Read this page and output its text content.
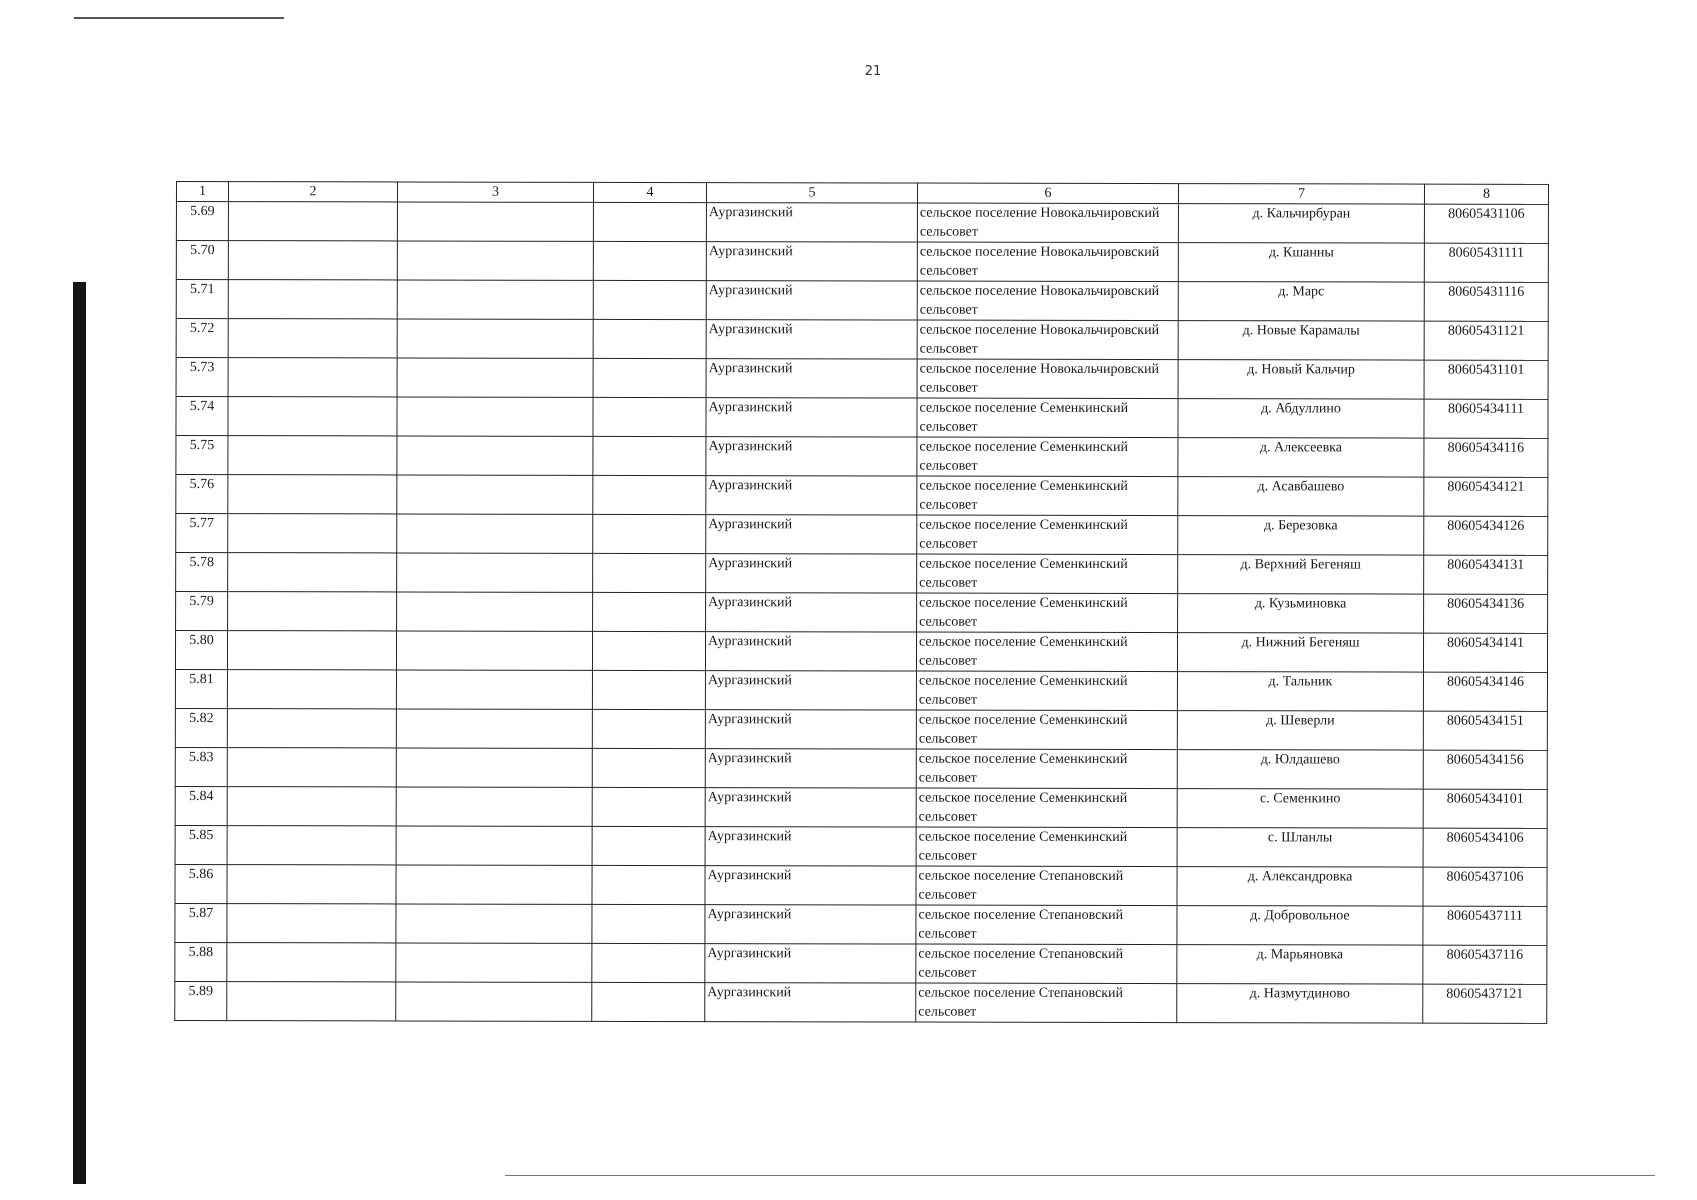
21
1	2	3	4	5	6	7	8
5.69				Аургазинский	сельское поселение Новокальчировский сельсовет	д. Кальчирбуран	80605431106
5.70				Аургазинский	сельское поселение Новокальчировский сельсовет	д. Кшанны	80605431111
5.71				Аургазинский	сельское поселение Новокальчировский сельсовет	д. Марс	80605431116
5.72				Аургазинский	сельское поселение Новокальчировский сельсовет	д. Новые Карамалы	80605431121
5.73				Аургазинский	сельское поселение Новокальчировский сельсовет	д. Новый Кальчир	80605431101
5.74				Аургазинский	сельское поселение Семенкинский сельсовет	д. Абдуллино	80605434111
5.75				Аургазинский	сельское поселение Семенкинский сельсовет	д. Алексеевка	80605434116
5.76				Аургазинский	сельское поселение Семенкинский сельсовет	д. Асавбашево	80605434121
5.77				Аургазинский	сельское поселение Семенкинский сельсовет	д. Березовка	80605434126
5.78				Аургазинский	сельское поселение Семенкинский сельсовет	д. Верхний Бегеняш	80605434131
5.79				Аургазинский	сельское поселение Семенкинский сельсовет	д. Кузьминовка	80605434136
5.80				Аургазинский	сельское поселение Семенкинский сельсовет	д. Нижний Бегеняш	80605434141
5.81				Аургазинский	сельское поселение Семенкинский сельсовет	д. Тальник	80605434146
5.82				Аургазинский	сельское поселение Семенкинский сельсовет	д. Шеверли	80605434151
5.83				Аургазинский	сельское поселение Семенкинский сельсовет	д. Юлдашево	80605434156
5.84				Аургазинский	сельское поселение Семенкинский сельсовет	с. Семенкино	80605434101
5.85				Аургазинский	сельское поселение Семенкинский сельсовет	с. Шланлы	80605434106
5.86				Аургазинский	сельское поселение Степановский сельсовет	д. Александровка	80605437106
5.87				Аургазинский	сельское поселение Степановский сельсовет	д. Добровольное	80605437111
5.88				Аургазинский	сельское поселение Степановский сельсовет	д. Марьяновка	80605437116
5.89				Аургазинский	сельское поселение Степановский сельсовет	д. Назмутдиново	80605437121
